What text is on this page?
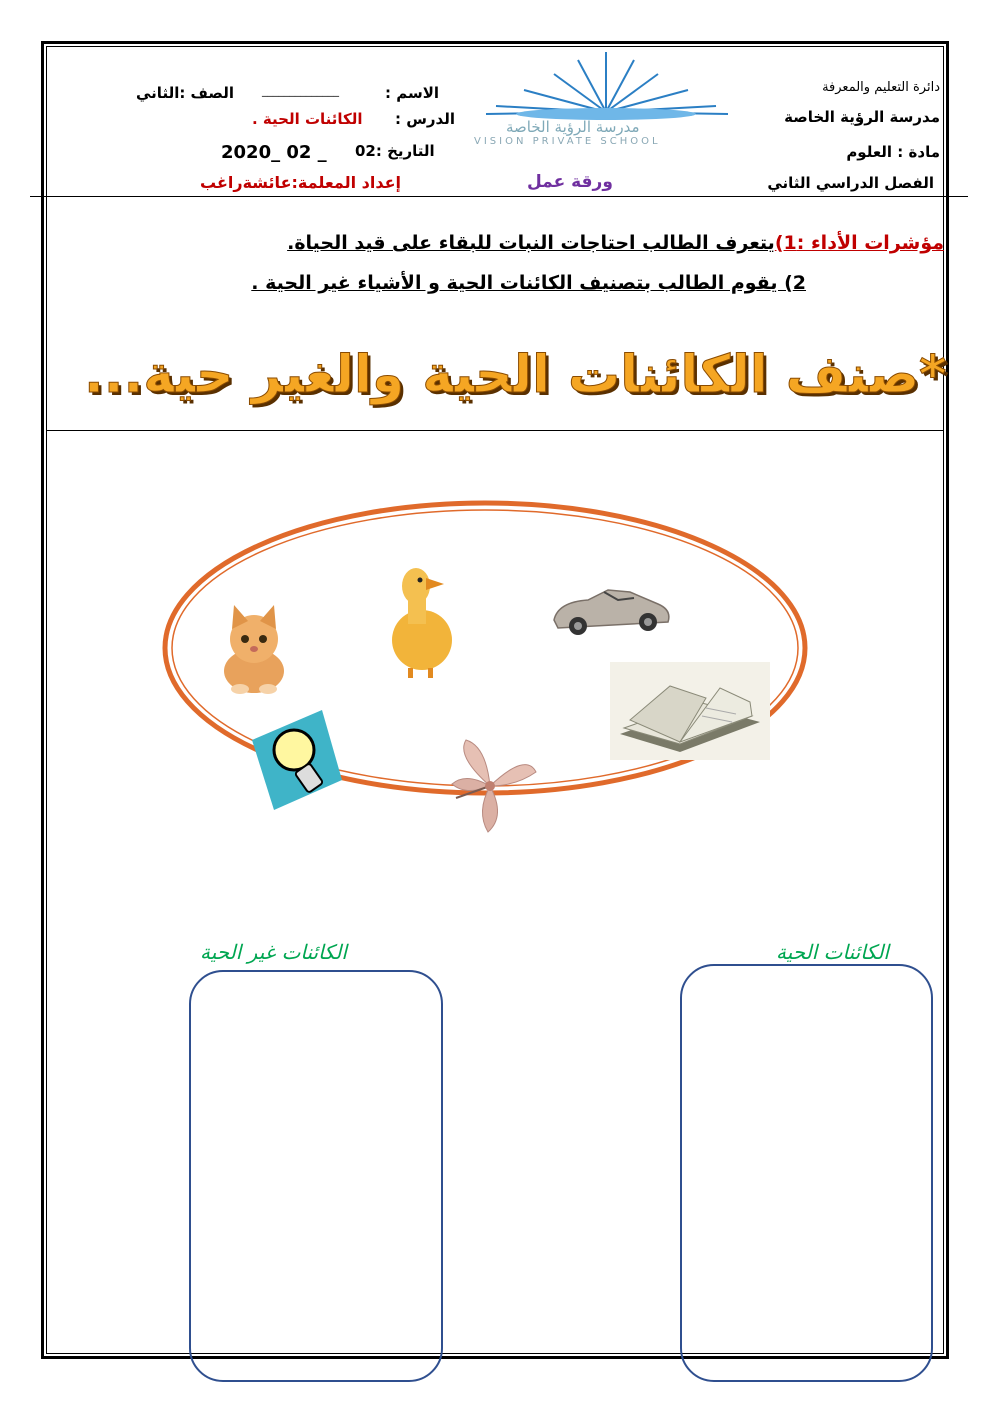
دائرة التعليم والمعرفة
مدرسة الرؤية الخاصة
مادة : العلوم
الفصل الدراسي الثاني
مدرسة الرؤية الخاصة
VISION PRIVATE SCHOOL
ورقة عمل
الصف :الثاني	______________	الاسم :
الكائنات الحية . الدرس :
2020_ 02 _ التاريخ :02
إعداد المعلمة:عائشةراغب
مؤشرات الأداء :1)يتعرف الطالب احتاجات النبات للبقاء على قيد الحياة.
2) يقوم الطالب بتصنيف الكائنات الحية و الأشياء غير الحية .
*صنف الكائنات الحية والغير حية...
الكائنات الحية
الكائنات غير الحية
